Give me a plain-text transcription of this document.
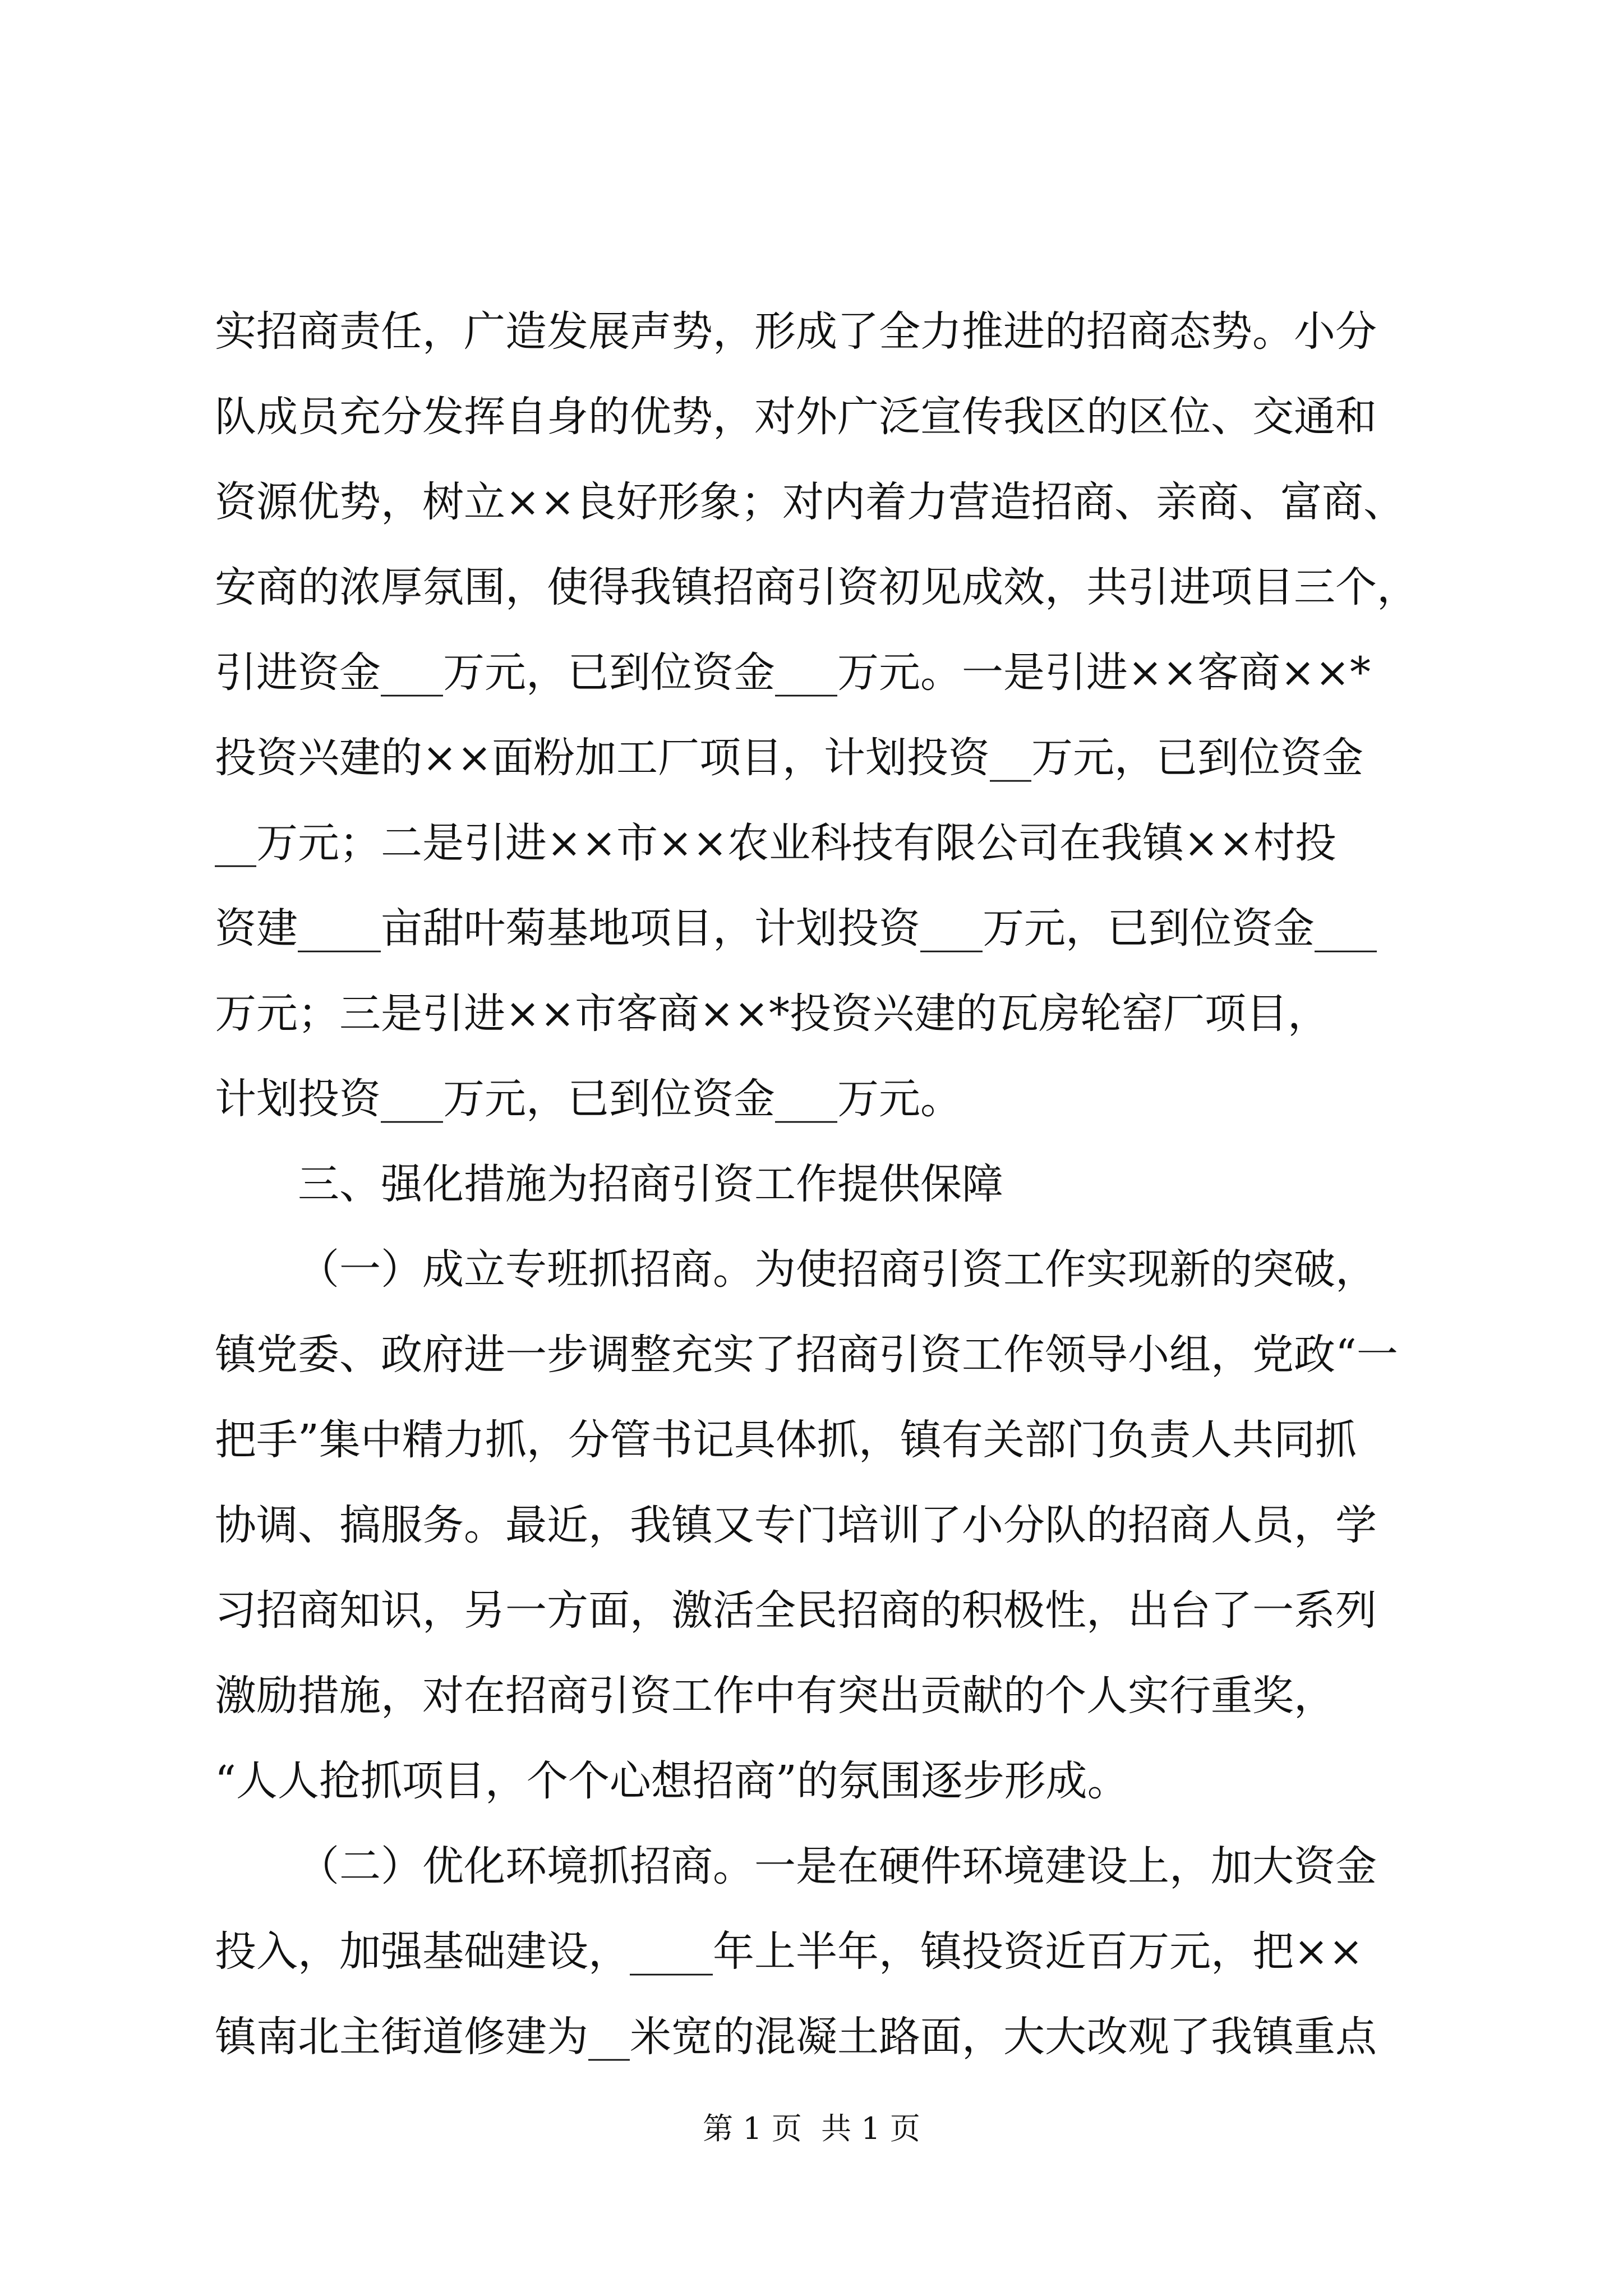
实招商责任，广造发展声势，形成了全力推进的招商态势。小分
队成员充分发挥自身的优势，对外广泛宣传我区的区位、交通和
资源优势，树立××良好形象；对内着力营造招商、亲商、富商、
安商的浓厚氛围，使得我镇招商引资初见成效，共引进项目三个，
引进资金___万元，已到位资金___万元。一是引进××客商××*
投资兴建的××面粉加工厂项目，计划投资__万元，已到位资金
__万元；二是引进××市××农业科技有限公司在我镇××村投
资建____亩甜叶菊基地项目，计划投资___万元，已到位资金___
万元；三是引进××市客商××*投资兴建的瓦房轮窑厂项目，
计划投资___万元，已到位资金___万元。
三、强化措施为招商引资工作提供保障
（一）成立专班抓招商。为使招商引资工作实现新的突破，
镇党委、政府进一步调整充实了招商引资工作领导小组，党政“一
把手”集中精力抓，分管书记具体抓，镇有关部门负责人共同抓
协调、搞服务。最近，我镇又专门培训了小分队的招商人员，学
习招商知识，另一方面，激活全民招商的积极性，出台了一系列
激励措施，对在招商引资工作中有突出贡献的个人实行重奖，
“人人抢抓项目，个个心想招商”的氛围逐步形成。
（二）优化环境抓招商。一是在硬件环境建设上，加大资金
投入，加强基础建设，____年上半年，镇投资近百万元，把××
镇南北主街道修建为__米宽的混凝土路面，大大改观了我镇重点
第 1 页  共 1 页
